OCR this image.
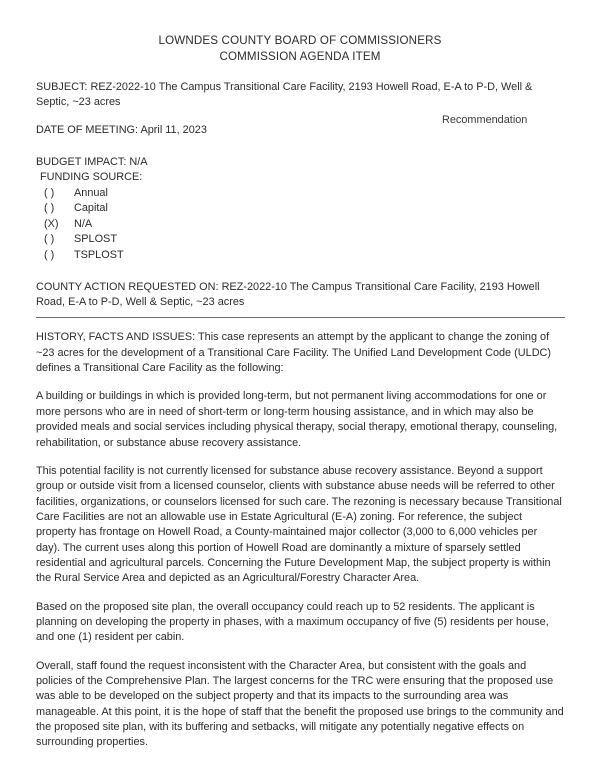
LOWNDES COUNTY BOARD OF COMMISSIONERS
COMMISSION AGENDA ITEM
SUBJECT: REZ-2022-10 The Campus Transitional Care Facility, 2193 Howell Road, E-A to P-D, Well & Septic, ~23 acres
Recommendation
DATE OF MEETING: April 11, 2023
BUDGET IMPACT: N/A
FUNDING SOURCE:
( )	Annual
( )	Capital
(X)	N/A
( )	SPLOST
( )	TSPLOST
COUNTY ACTION REQUESTED ON: REZ-2022-10 The Campus Transitional Care Facility, 2193 Howell Road, E-A to P-D, Well & Septic, ~23 acres

HISTORY, FACTS AND ISSUES: This case represents an attempt by the applicant to change the zoning of ~23 acres for the development of a Transitional Care Facility. The Unified Land Development Code (ULDC) defines a Transitional Care Facility as the following:

A building or buildings in which is provided long-term, but not permanent living accommodations for one or more persons who are in need of short-term or long-term housing assistance, and in which may also be provided meals and social services including physical therapy, social therapy, emotional therapy, counseling, rehabilitation, or substance abuse recovery assistance.

This potential facility is not currently licensed for substance abuse recovery assistance. Beyond a support group or outside visit from a licensed counselor, clients with substance abuse needs will be referred to other facilities, organizations, or counselors licensed for such care. The rezoning is necessary because Transitional Care Facilities are not an allowable use in Estate Agricultural (E-A) zoning. For reference, the subject property has frontage on Howell Road, a County-maintained major collector (3,000 to 6,000 vehicles per day). The current uses along this portion of Howell Road are dominantly a mixture of sparsely settled residential and agricultural parcels. Concerning the Future Development Map, the subject property is within the Rural Service Area and depicted as an Agricultural/Forestry Character Area.

Based on the proposed site plan, the overall occupancy could reach up to 52 residents. The applicant is planning on developing the property in phases, with a maximum occupancy of five (5) residents per house, and one (1) resident per cabin.

Overall, staff found the request inconsistent with the Character Area, but consistent with the goals and policies of the Comprehensive Plan. The largest concerns for the TRC were ensuring that the proposed use was able to be developed on the subject property and that its impacts to the surrounding area was manageable. At this point, it is the hope of staff that the benefit the proposed use brings to the community and the proposed site plan, with its buffering and setbacks, will mitigate any potentially negative effects on surrounding properties.
